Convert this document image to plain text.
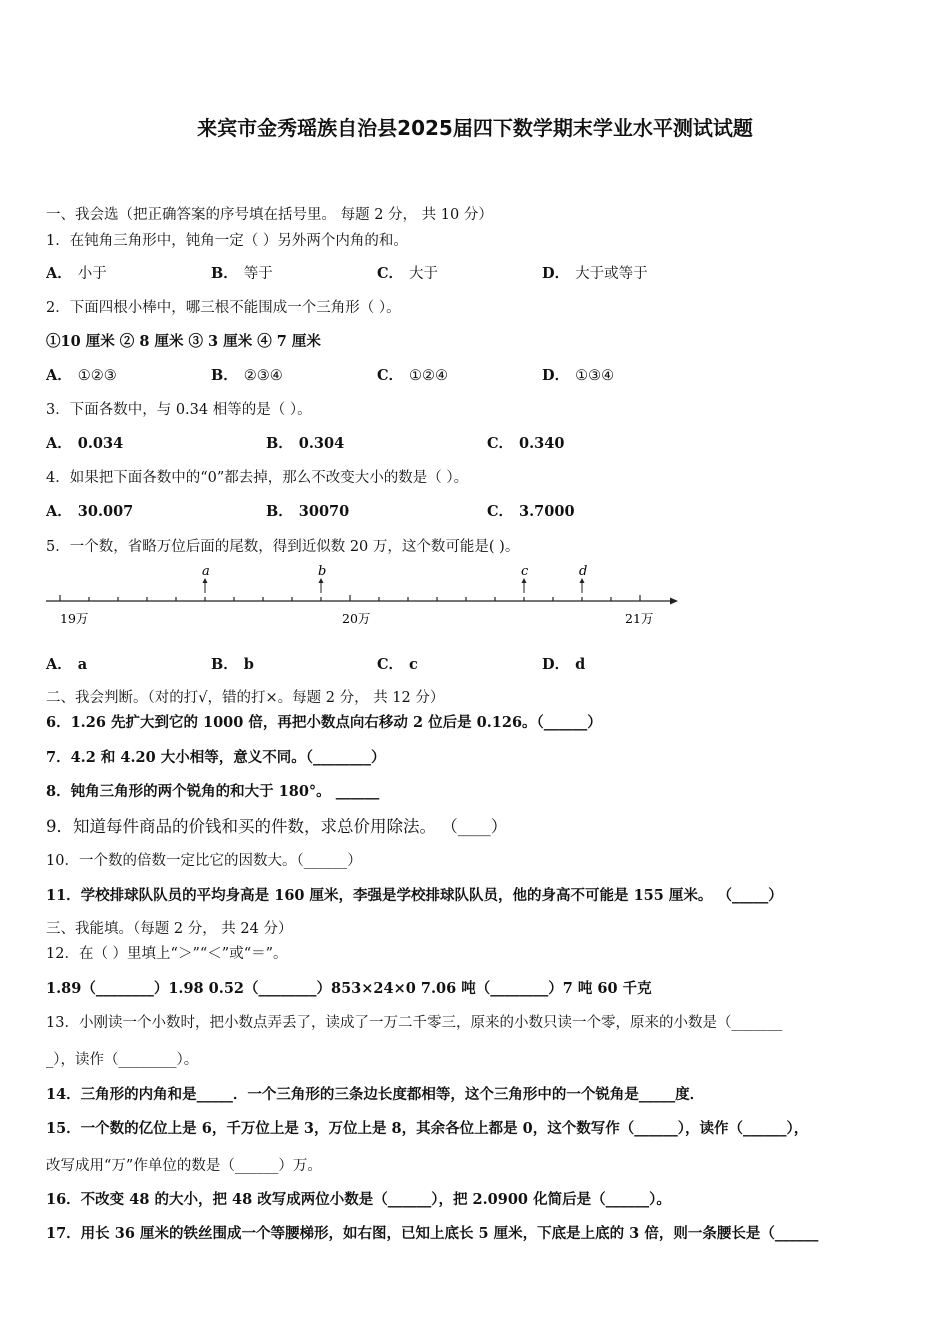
来宾市金秀瑶族自治县2025届四下数学期末学业水平测试试题
一、我会选（把正确答案的序号填在括号里。 每题 2 分， 共 10 分）
1．在钝角三角形中，钝角一定（ ）另外两个内角的和。
A． 小于	B． 等于	C． 大于	D． 大于或等于
2．下面四根小棒中，哪三根不能围成一个三角形（ ）。
①10 厘米 ② 8 厘米 ③ 3 厘米 ④ 7 厘米
A． ①②③	B． ②③④	C． ①②④	D． ①③④
3．下面各数中，与 0.34 相等的是（ ）。
A． 0.034	B． 0.304	C． 0.340
4．如果把下面各数中的“0”都去掉，那么不改变大小的数是（ ）。
A． 30.007	B． 30070	C． 3.7000
5．一个数，省略万位后面的尾数，得到近似数 20 万，这个数可能是( )。
a	b	c	d
19万	20万	21万
A． a	B． b	C． c	D． d
二、我会判断。（对的打√，错的打×。每题 2 分， 共 12 分）
6．1.26 先扩大到它的 1000 倍，再把小数点向右移动 2 位后是 0.126。（______）
7．4.2 和 4.20 大小相等，意义不同。（________）
8．钝角三角形的两个锐角的和大于 180°。 ______
9．知道每件商品的价钱和买的件数，求总价用除法。 （____）
10．一个数的倍数一定比它的因数大。（______）
11．学校排球队队员的平均身高是 160 厘米，李强是学校排球队队员，他的身高不可能是 155 厘米。 （_____）
三、我能填。（每题 2 分， 共 24 分）
12．在（ ）里填上“＞”“＜”或“＝”。
1.89（________）1.98 0.52（________）853×24×0 7.06 吨（________）7 吨 60 千克
13．小刚读一个小数时，把小数点弄丢了，读成了一万二千零三，原来的小数只读一个零，原来的小数是（_______
_），读作（________）。
14．三角形的内角和是_____．一个三角形的三条边长度都相等，这个三角形中的一个锐角是_____度．
15．一个数的亿位上是 6，千万位上是 3，万位上是 8，其余各位上都是 0，这个数写作（______），读作（______），
改写成用“万”作单位的数是（______）万。
16．不改变 48 的大小，把 48 改写成两位小数是（______），把 2.0900 化简后是（______）。
17．用长 36 厘米的铁丝围成一个等腰梯形，如右图，已知上底长 5 厘米，下底是上底的 3 倍，则一条腰长是（______
